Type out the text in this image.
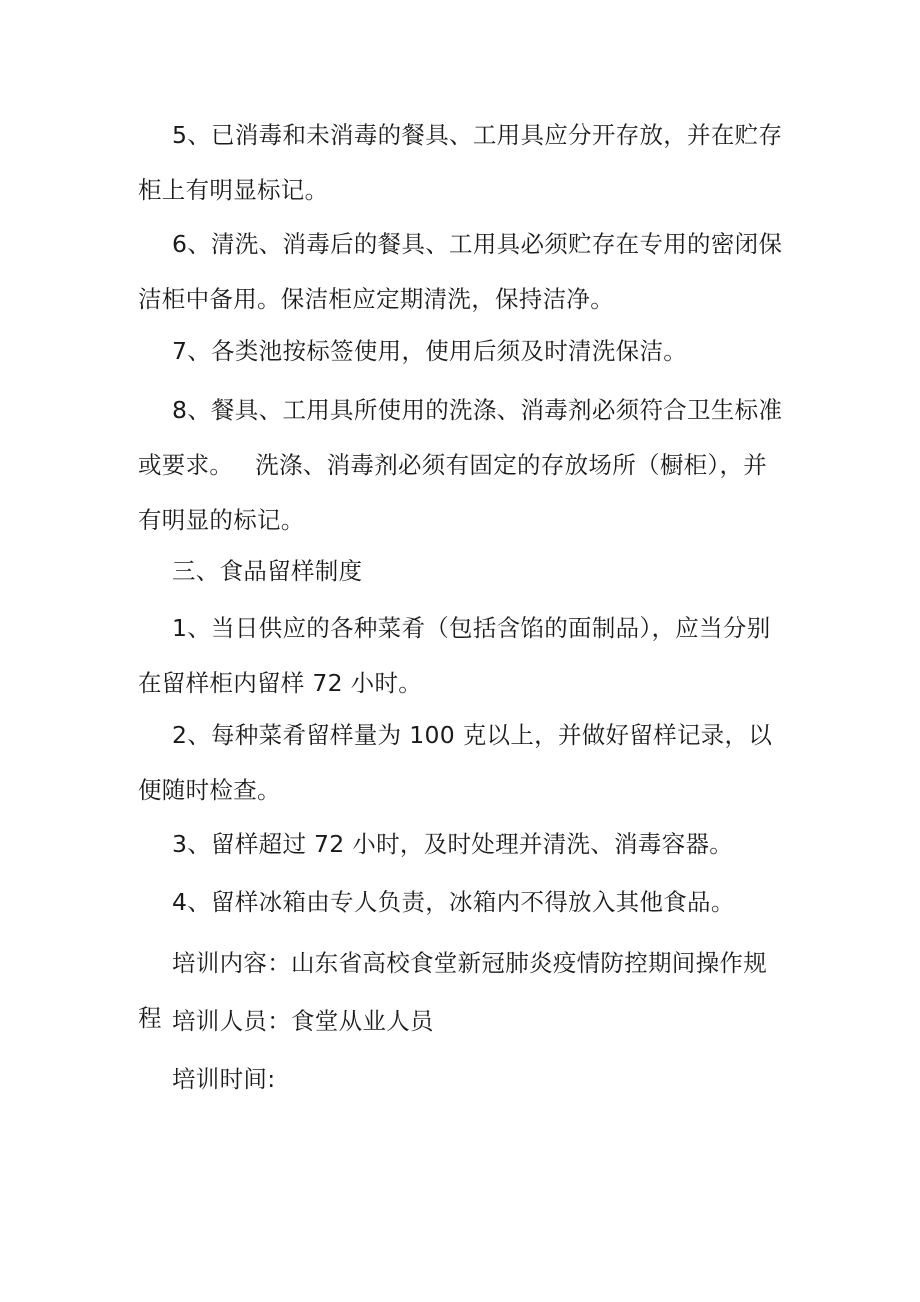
5、已消毒和未消毒的餐具、工用具应分开存放，并在贮存柜上有明显标记。

6、清洗、消毒后的餐具、工用具必须贮存在专用的密闭保洁柜中备用。保洁柜应定期清洗，保持洁净。

7、各类池按标签使用，使用后须及时清洗保洁。

8、餐具、工用具所使用的洗涤、消毒剂必须符合卫生标准或要求。 洗涤、消毒剂必须有固定的存放场所（橱柜），并有明显的标记。

三、食品留样制度

1、当日供应的各种菜肴（包括含馅的面制品），应当分别在留样柜内留样 72 小时。

2、每种菜肴留样量为 100 克以上，并做好留样记录，以便随时检查。

3、留样超过 72 小时，及时处理并清洗、消毒容器。

4、留样冰箱由专人负责，冰箱内不得放入其他食品。

培训内容：山东省高校食堂新冠肺炎疫情防控期间操作规程 培训人员：食堂从业人员

培训时间:
